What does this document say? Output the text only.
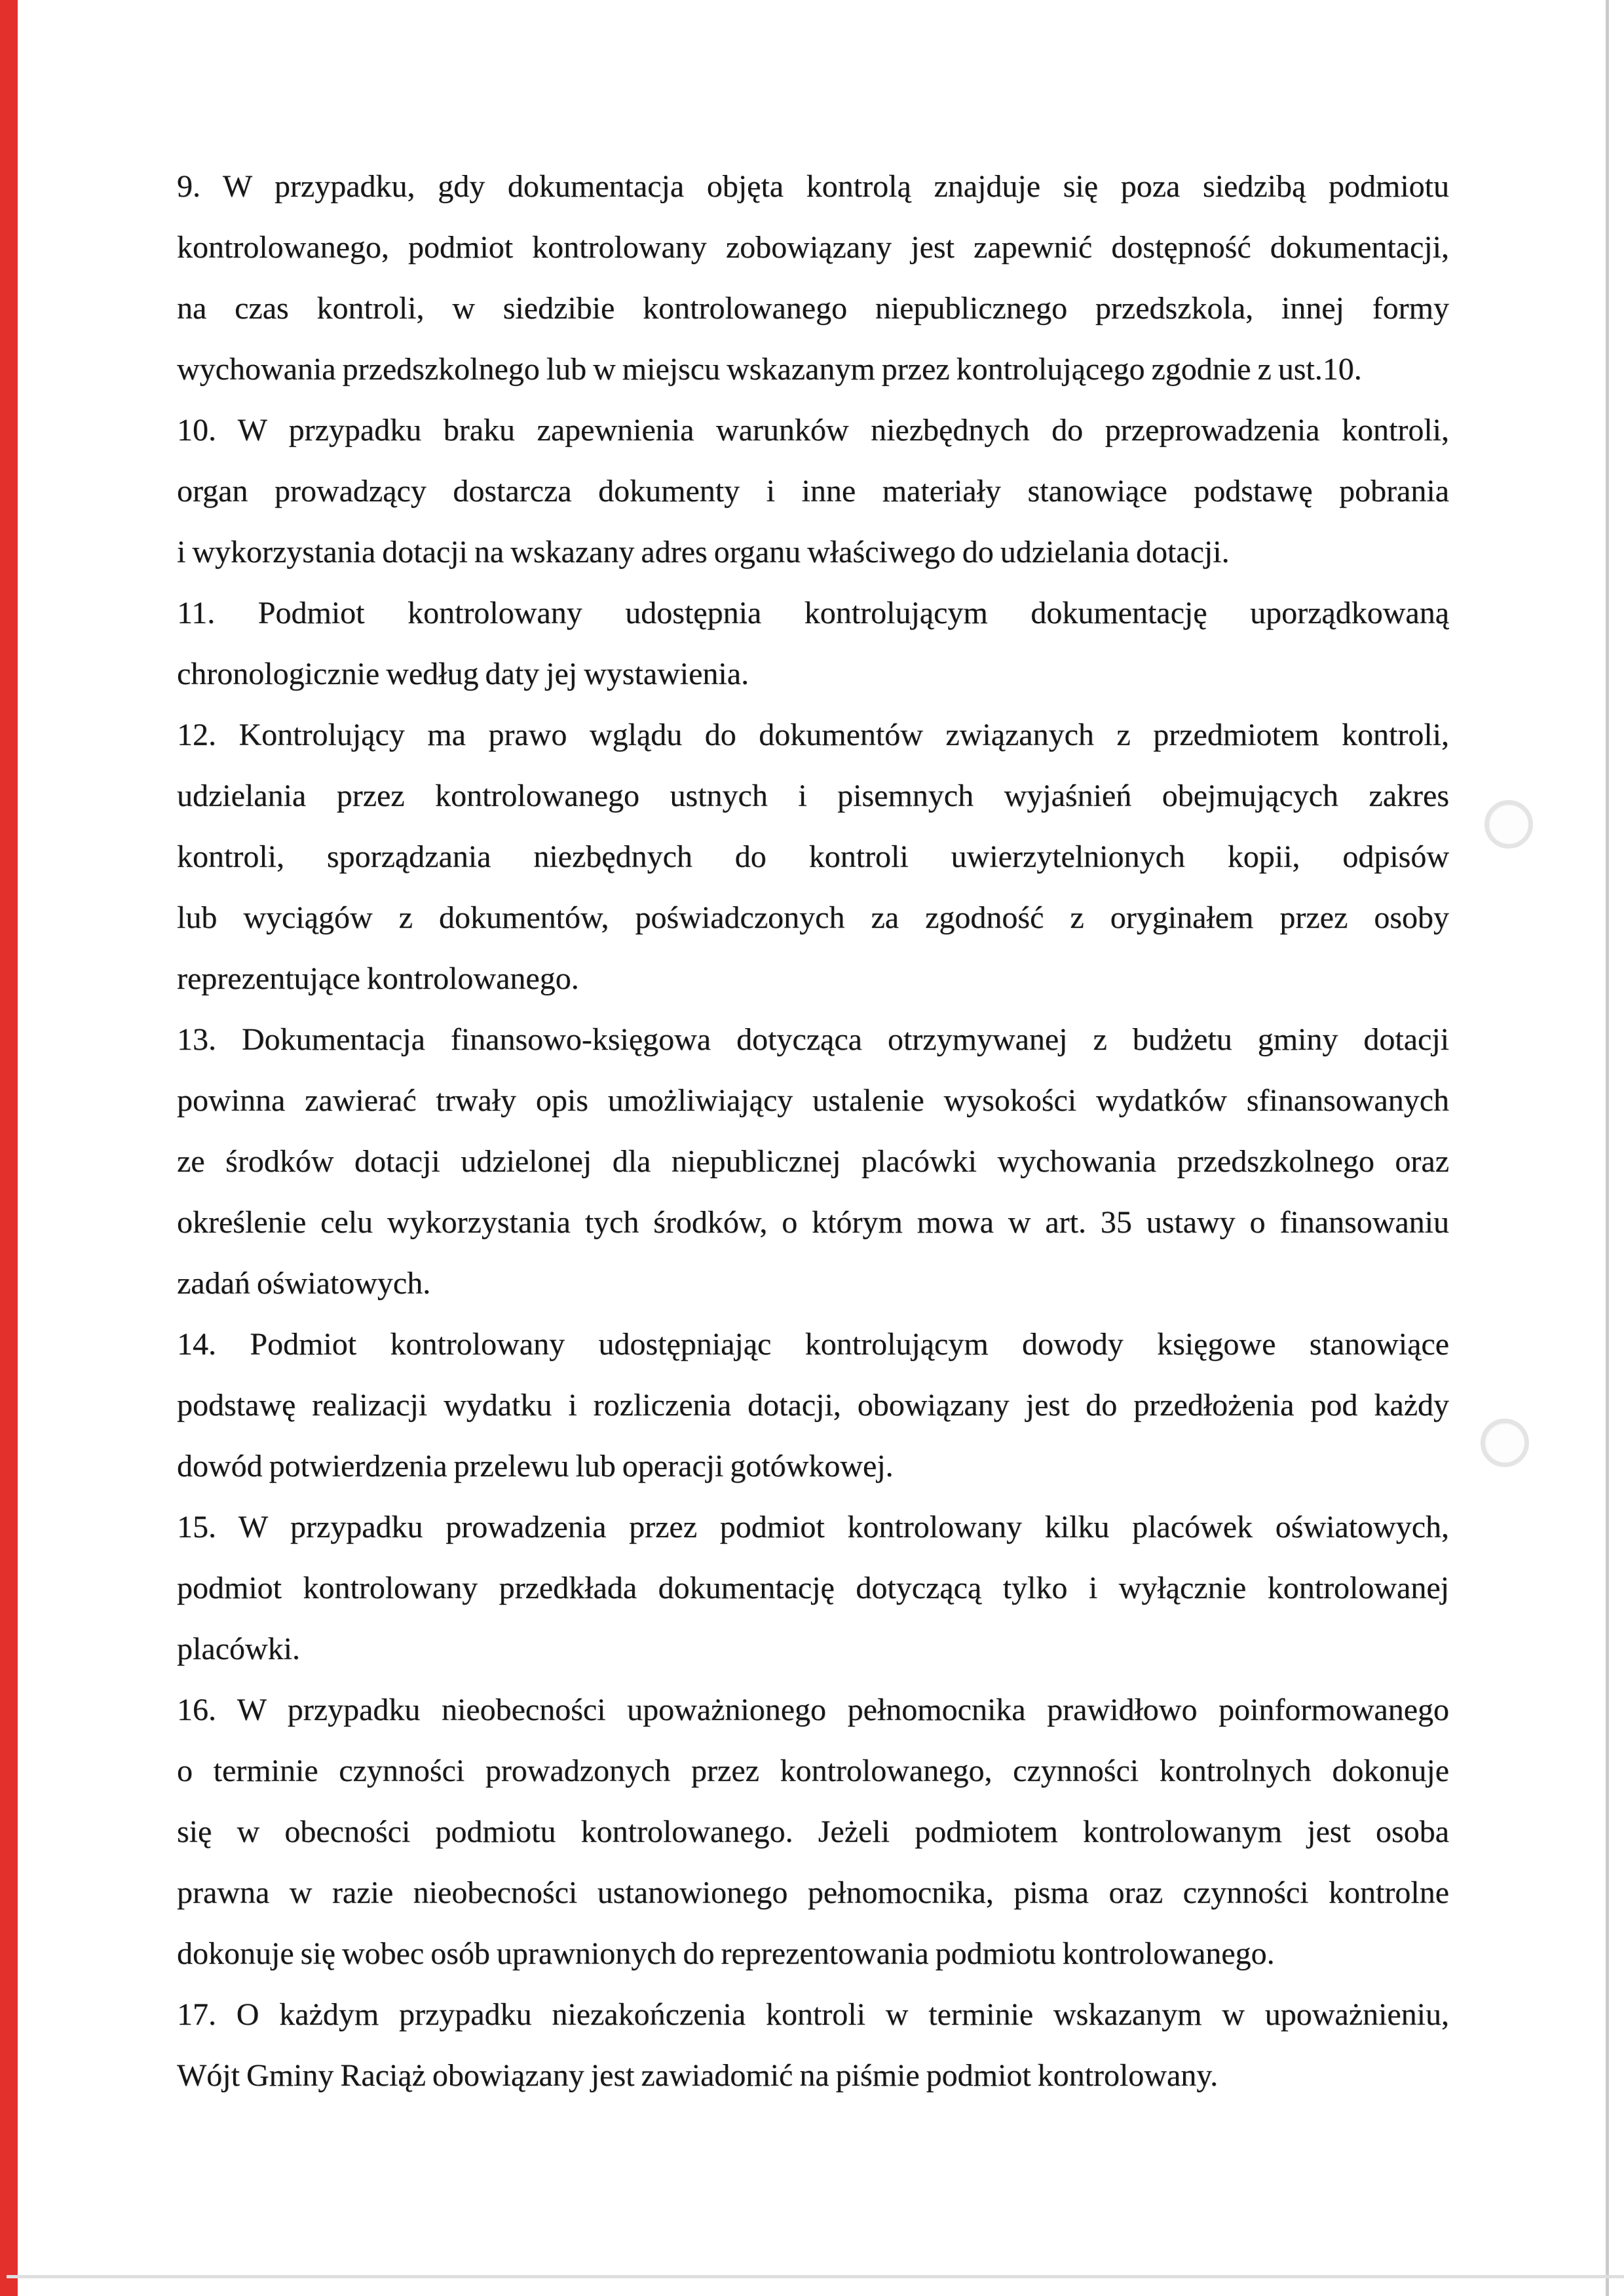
9. W przypadku, gdy dokumentacja objęta kontrolą znajduje się poza siedzibą podmiotu
kontrolowanego, podmiot kontrolowany zobowiązany jest zapewnić dostępność dokumentacji,
na czas kontroli, w siedzibie kontrolowanego niepublicznego przedszkola, innej formy
wychowania przedszkolnego lub w miejscu wskazanym przez kontrolującego zgodnie z ust.10.
10. W przypadku braku zapewnienia warunków niezbędnych do przeprowadzenia kontroli,
organ prowadzący dostarcza dokumenty i inne materiały stanowiące podstawę pobrania
i wykorzystania dotacji na wskazany adres organu właściwego do udzielania dotacji.
11. Podmiot kontrolowany udostępnia kontrolującym dokumentację uporządkowaną
chronologicznie według daty jej wystawienia.
12. Kontrolujący ma prawo wglądu do dokumentów związanych z przedmiotem kontroli,
udzielania przez kontrolowanego ustnych i pisemnych wyjaśnień obejmujących zakres
kontroli, sporządzania niezbędnych do kontroli uwierzytelnionych kopii, odpisów
lub wyciągów z dokumentów, poświadczonych za zgodność z oryginałem przez osoby
reprezentujące kontrolowanego.
13. Dokumentacja finansowo-księgowa dotycząca otrzymywanej z budżetu gminy dotacji
powinna zawierać trwały opis umożliwiający ustalenie wysokości wydatków sfinansowanych
ze środków dotacji udzielonej dla niepublicznej placówki wychowania przedszkolnego oraz
określenie celu wykorzystania tych środków, o którym mowa w art. 35 ustawy o finansowaniu
zadań oświatowych.
14. Podmiot kontrolowany udostępniając kontrolującym dowody księgowe stanowiące
podstawę realizacji wydatku i rozliczenia dotacji, obowiązany jest do przedłożenia pod każdy
dowód potwierdzenia przelewu lub operacji gotówkowej.
15. W przypadku prowadzenia przez podmiot kontrolowany kilku placówek oświatowych,
podmiot kontrolowany przedkłada dokumentację dotyczącą tylko i wyłącznie kontrolowanej
placówki.
16. W przypadku nieobecności upoważnionego pełnomocnika prawidłowo poinformowanego
o terminie czynności prowadzonych przez kontrolowanego, czynności kontrolnych dokonuje
się w obecności podmiotu kontrolowanego. Jeżeli podmiotem kontrolowanym jest osoba
prawna w razie nieobecności ustanowionego pełnomocnika, pisma oraz czynności kontrolne
dokonuje się wobec osób uprawnionych do reprezentowania podmiotu kontrolowanego.
17. O każdym przypadku niezakończenia kontroli w terminie wskazanym w upoważnieniu,
Wójt Gminy Raciąż obowiązany jest zawiadomić na piśmie podmiot kontrolowany.
